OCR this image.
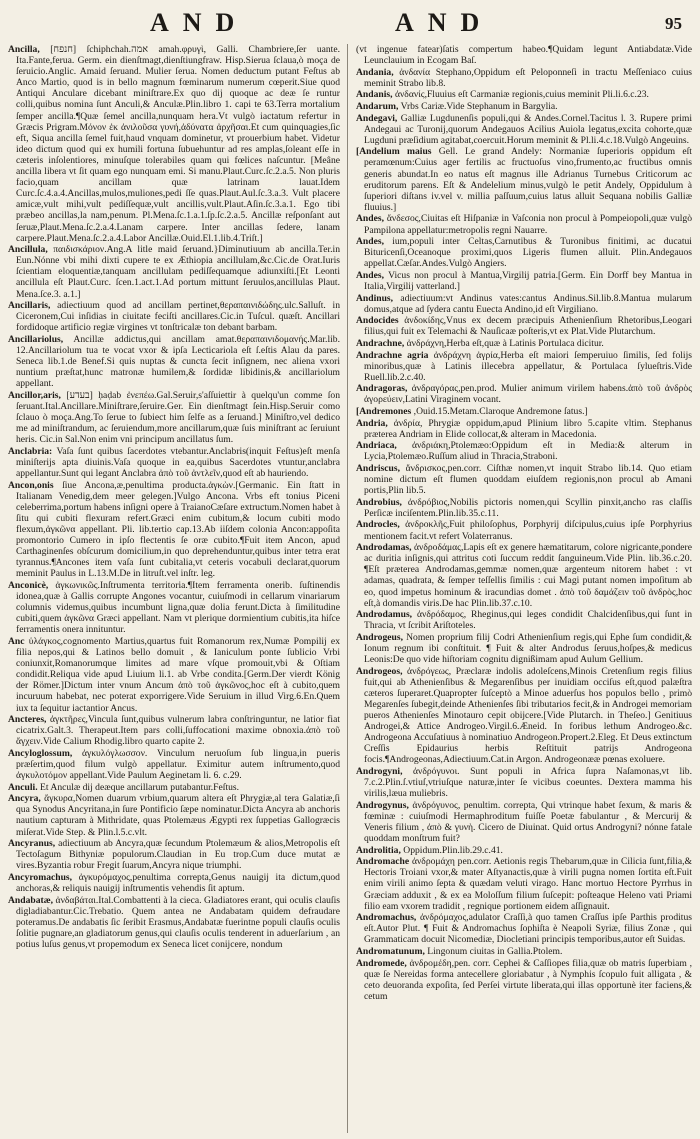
AND	AND	95

Ancilla, [חנפח] ſchiphchah.אמה amah.φρυγὶ, Galli. Chambriere,ſer uante. Ita.Fante,ferua. Germ. ein dienſtmagt,dienſtiungfraw. Hisp.Sierua ſclaua,ò moça de ſeruicio.Anglic. Amaid ſeruand. Mulier ſerua. Nomen deductum putant Feſtus ab Anco Martio, quod is in bello magnum fœminarum numerum cœperit.Siue quod Antiqui Anculare dicebant miniſtrare.Ex quo dij quoque ac deæ ſe runtur colli,quibus nomina ſunt Anculi,& Anculæ.Plin.libro 1. capi te 63.Terra mortalium ſemper ancilla.¶Quæ ſemel ancilla,nunquam hera.Vt vulgò iactatum refertur in Græcis Prigram.Μόνον ἐκ ἀνιλοῦσα γυνή,ἀδύνατα ἀρχῆσαι.Et cum quinquagies,ſic eft, Siqua ancilla ſemel fuit,haud vnquam dominetur, vt prouerbium habet. Videtur ideo dictum quod qui ex humili fortuna ſubuehuntur ad res amplas,ſoleant eſſe in cæteris inſolentiores, minuſque tolerabiles quam qui fœlices naſcuntur. [Meâne ancilla libera vt ſit quam ego nunquam emi. Si manu.Plaut.Curc.ſc.2.a.5. Non pluris facio,quam ancillam quæ latrinam lauat.Idem Curc.ſc.4.a.4.Ancillas,mulos,muliones,pedi ſſe quas.Plaut.Aul.ſc.3.a.3. Vult placere amicæ,vult mihi,vult pediſſequæ,vult ancillis,vult.Plaut.Aſin.ſc.3.a.1. Ego tibi præbeo ancillas,la nam,penum. Pl.Mena.ſc.1.a.1.ſp.ſc.2.a.5. Ancillæ reſponſant aut ſeruæ,Plaut.Mena.ſc.2.a.4.Lanam carpere. Inter ancillas ſedere, lanam carpere.Plaut.Mena.ſc.2.a.4.Labor Ancillæ.Ouid.El.1.lib.4.Triſt.]

Ancillula, παιδισκάριον.Ang.A litle maid ſeruand.}Diminutiuum ab ancilla.Ter.in Eun.Nónne vbi mihi dixti cupere te ex Æthiopia ancillulam,&c.Cic.de Orat.Iuris ſcientiam eloquentiæ,tanquam ancillulam pediſſequamque adiunxiſti.[Et Leonti ancillula eſt Plaut.Curc. ſcen.1.act.1.Ad portum mittunt ſeruulos,ancillulas Plaut. Mena.ſce.3. a.1.]

Ancillaris, adiectiuum quod ad ancillam pertinet,θεραπαινιδώδης.ulc.Salluſt. in Ciceronem,Cui inſidias in ciuitate feciſti ancillares.Cic.in Tuſcul. quæſt. Ancillari fordidoque artificio regiæ virgines vt tonſtricalæ ton debant barbam.

Ancillariolus, Ancillæ addictus,qui ancillam amat.θεραπαινιδομανής.Mar.lib. 12.Ancillariolum tua te vocat vxor & ipſa Lecticariola eſt ſ.eſtis Alau da pares. Seneca lib.1.de Benef.Si quis nuptas & cuncta ſecit inſignem, nec aliena vxori nuntium præſtat,hunc matronæ humilem,& ſordidæ libidinis,& ancillariolum appellant.

Ancillor,aris, [בעדע] ḥaḍab ἐνεπέω.Gal.Seruir,s'aſſuiettir à quelqu'un comme ſon ſeruant.Ital.Ancillare.Miniſtrare,ſeruire.Ger. Ein dienſtmagt ſein.Hisp.Seruir como ſclauo ò moça.Ang.To ſerue to ſubiect him ſelfe as a ſeruand.] Miniſtro,vel dedico me ad miniſtrandum, ac ſeruiendum,more ancillarum,quæ ſuis miniſtrant ac ſeruiunt heris. Cic.in Sal.Non enim vni principum ancillatus ſum.

Anclabria: Vaſa ſunt quibus ſacerdotes vtebantur.Anclabris(inquit Feſtus)eſt menſa miniſterijs apta diuinis.Vaſa quoque in ea,quibus Sacerdotes vtuntur,anclabra appellantur.Sunt qui legant Anclabra ἀπὸ τοῦ ἀντλεῖν,quod eſt ab hauriendo.

Ancon,onis ſiue Ancona,æ,penultima producta.ἀγκὼν.[Germanic. Ein ſtatt in Italianam Venedig,dem meer gelegen.]Vulgo Ancona. Vrbs eft tonius Piceni celeberrima,portum habens inſigni opere à TraianoCæſare extructum.Nomen habet à ſitu qui cubiti flexuram refert.Græci enim cubitum,& locum cubiti modo flexum,ἀγκῶνα appellant. Pli. lib.tertio cap.13.Ab iiſdem colonia Ancon:appoſita promontorio Cumero in ipſo flectentis ſe oræ cubito.¶Fuit item Ancon, apud Carthaginenſes obſcurum domicilium,in quo deprehenduntur,quibus inter tetra erat tyrannus.¶Ancones item vaſa ſunt cubitalia,vt ceteris vocabuli declarat,quorum meminit Paulus in L.13.M.De in litruſt.vel inſtr. leg.

Anconicè, ἀγκωνικῶς.Inſtrumenta territoria.¶Item ferramenta onerib. ſuſtinendis idonea,quæ à Gallis corrupte Angones vocantur, cuiuſmodi in cellarum vinariarum columnis videmus,quibus incumbunt ligna,quæ dolia ferunt.Dicta à ſimilitudine cubiti,quem ἀγκῶνα Græci appellant. Nam vt plerique dormientium cubitis,ita hiſce ferramentis onera innituntur.

Anc ὑλάγκος,cognomento Martius,quartus fuit Romanorum rex,Numæ Pompilij ex filia nepos,qui & Latinos bello domuit , & Ianiculum ponte ſublicio Vrbi coniunxit,Romanorumque limites ad mare vſque promouit,vbi & Oſtiam condidit.Reliqua vide apud Liuium li.1. ab Vrbe condita.[Germ.Der vierdt König der Römer.]Dictum inter vnum Ancum ἀπὸ τοῦ ἀγκῶνος,hoc eſt à cubito,quem incuruum habebat, nec poterat exporrigere.Vide Seruium in illud Virg.6.En.Quem iux ta ſequitur iactantior Ancus.

Ancteres, ἀγκτῆρες,Vincula ſunt,quibus vulnerum labra conſtringuntur, ne latior fiat cicatrix.Galt.3. Therapeut.Item pars colli,ſuffocationi maxime obnoxia.ἀπὸ τοῦ ἄγχειν.Vide Calium Rhodig.libro quarto capite 2.

Ancyloglossum, ἀγκυλόγλωσσον. Vinculum neruoſum ſub lingua,in pueris præſertim,quod filum vulgò appellatur. Eximitur autem inſtrumento,quod ἀγκυλοτόμον appellant.Vide Paulum Aeginetam li. 6. c.29.

Anculi. Et Anculæ dij deæque ancillarum putabantur.Feſtus.

Ancyra, ἄγκυρα,Nomen duarum vrbium,quarum altera eſt Phrygiæ,al tera Galatiæ,ſi qua Synodus Ancyritana,in ſure Pontificio ſæpe nominatur.Dicta Ancyra ab anchoris nautium capturam à Mithridate, quas Ptolemæus Ægypti rex ſuppetias Gallogræcis miſerat.Vide Step. & Plin.l.5.c.vlt.

Ancyranus, adiectiuum ab Ancyra,quæ ſecundum Ptolemæum & alios,Metropolis eſt Tectoſagum Bithyniæ populorum.Claudian in Eu trop.Cum duce mutat æ vires.Byzantia robur Fregit ſuarum,Ancyra nique triumphi.

Ancyromachus, ἀγκυρόμαχος,penultima correpta,Genus nauigij ita dictum,quod anchoras,& reliquis nauigij inſtrumentis vehendis ſit aptum.

Andabatæ, ἀνδαβάται.Ital.Combattenti à la cieca. Gladiatores erant, qui oculis clauſis digladiabantur.Cic.Trebatio. Quem antea ne Andabatam quidem defraudare poteramus.De andabatis ſic ſeribit Erasmus,Andabatæ fuerintne populi clauſis oculis ſolitie pugnare,an gladiatorum genus,qui clauſis oculis tenderent in aduerſarium , an potius luſus genus,vt propemodum ex Seneca licet conijcere, nondum

(vt ingenue fatear)ſatis compertum habeo.¶Quidam legunt Antiabdatæ.Vide Leunclauium in Ecogam Baſ.

Andania, ἀνδανία Stephano,Oppidum eſt Peloponneſi in tractu Meſſeniaco cuius meminit Strabo lib.8.

Andanis, ἀνδανίς,Fluuius eſt Carmaniæ regionis,cuius meminit Pli.li.6.c.23.

Andarum, Vrbs Cariæ.Vide Stephanum in Bargylia.

Andegavi, Galliæ Lugdunenſis populi,qui & Andes.Cornel.Tacitus l. 3. Ruperе primi Andegaui ac Turonij,quorum Andegauos Acilius Auiola legatus,excita cohorte,quæ Lugduni præſidium agitabat,coercuit.Horum meminit & Pl.li.4.c.18.Vulgò Angeuins.

[Andelium maius Gell. Le grand Andely: Normaniæ ſuperioris oppidum eſt peramœnum:Cuius ager fertilis ac fructuoſus vino,frumento,ac fructibus omnis generis abundat.In eo natus eſt magnus ille Adrianus Turnebus Criticorum ac eruditorum parens. Eſt & Andelelium minus,vulgò le petit Andely, Oppidulum à ſuperiori diſtans iv.vel v. millia paſſuum,cuius latus alluit Sequana nobilis Galliæ fluuius.]

Andes, ἄνδεσος,Ciuitas eſt Hiſpaniæ in Vaſconia non procul à Pompeiopoli,quæ vulgò Pampilona appellatur:metropolis regni Nauarre.

Andes, ium,populi inter Celtas,Carnutibus & Turonibus finitimi, ac ducatui Bituricenſi,Oceanoque proximi,quos Ligeris flumen alluit. Plin.Andegauos appellat.Cæſar.Andes.Vulgò Angiers.

Andes, Vicus non procul à Mantua,Virgilij patria.[Germ. Ein Dorff bey Mantua in Italia,Virgilij vatterland.]

Andinus, adiectiuum:vt Andinus vates:cantus Andinus.Sil.lib.8.Mantua mularum domus,atque ad ſydera cantu Euecta Andino,id eſt Virgiliano.

Andocides ἀνδοκίδης,Vnus ex decem præcipuis Athenienſium Rhetoribus,Leogari filius,qui fuit ex Telemachi & Nauſicaæ poſteris,vt ex Plat.Vide Plutarchum.

Andrachne, ἀνδράχνη,Herba eſt,quæ à Latinis Portulaca dicitur.

Andrachne agria ἀνδράχνη ἀγρία,Herba eſt maiori ſemperuiuo ſimilis, ſed folijs minoribus,quæ à Latinis illecebra appellatur, & Portulaca ſylueſtris.Vide Ruell.lib.2.c.40.

Andragoras, ἀνδραγόρας,pen.prod. Mulier animum virilem habens.ἀπὸ τοῦ ἀνδρὸς ἀγορεύειν,Latini Viraginem vocant.

[Andremones ,Ouid.15.Metam.Claroque Andremone ſatus.]

Andria, ἀνδρία, Phrygiæ oppidum,apud Plinium libro 5.capite vltim. Stephanus præterea Andriam in Elide collocat,& alteram in Macedonia.

Andriaca, ἀνδριάκη,Ptolemæo:Oppidum eſt in Media:& alterum in Lycia,Ptolemæo.Ruſſum aliud in Thracia,Straboni.

Andriscus, ἄνδρισκος,pen.corr. Ciſthæ nomen,vt inquit Strabo lib.14. Quo etiam nomine dictum eſt flumen quoddam eiuſdem regionis,non procul ab Amani portis,Plin lib.5.

Androbius, ἀνδρόβιος,Nobilis pictoris nomen,qui Scyllin pinxit,ancho ras claſſis Perſicæ inciſentem.Plin.lib.35.c.11.

Androcles, ἀνδροκλῆς,Fuit philoſophus, Porphyrij diſcipulus,cuius ipſe Porphyrius mentionem facit.vt refert Volaterranus.

Androdamas, ἀνδροδάμας,Lapis eſt ex genere hæmatitarum, colore nigricante,pondere ac duritia inſignis,qui attritus coti ſuccum reddit ſanguineum.Vide Plin. lib.36.c.20. ¶Eſt præterea Androdamas,gemmæ nomen,quæ argenteum nitorem habet : vt adamas, quadrata, & ſemper teſſellis ſimilis : cui Magi putant nomen impoſitum ab eo, quod impetus hominum & iracundias domet . ἀπὸ τοῦ δαμάζειν τοῦ ἀνδρὸς,hoc eſt,à domandis viris.De hac Plin.lib.37.c.10.

Androdamus, ἀνδρόδαμος, Rheginus,qui leges condidit Chalcidenſibus,qui ſunt in Thracia, vt ſcribit Ariſtoteles.

Androgeus, Nomen proprium filij Codri Athenienſium regis,qui Ephe ſum condidit,& Ionum regnum ibi conſtituit. ¶ Fuit & alter Androdus ſeruus,hoſpes,& medicus Leonis:De quo vide hiſtoriam cognitu dignißimam apud Aulum Gellium.

Androgeos, ἀνδρόγεως, Præclaræ indolis adoleſcens,Minois Cretenſium regis filius fuit,qui ab Athenienſibus & Megarenſibus per inuidiam occiſus eſt,quod palæſtra cæteros ſuperaret.Quapropter ſuſceptò a Minoe aduerſus hos populos bello , primò Megarenſes ſubegit,deinde Athenienſes ſibi tributarios fecit,& in Androgei memoriam pueros Athenienſes Minotauro cepit obijcere.[Vide Plutarch. in Theſeo.] Genitiuus Androgei,& Attice Androgeo.Virgil.6.Æneid. In foribus lethum Androgeo.&c. Androgeona Accuſatiuus à nominatiuo Androgeon.Propert.2.Eleg. Et Deus extinctum Creſſis Epidaurius herbis Reſtituit patrijs Androgeona focis.¶Androgeonas,Adiectiuum.Cat.in Argon. Androgeonææ pœnas exoluere.

Androgyni, ἀνδρόγυνοι. Sunt populi in Africa ſupra Naſamonas,vt lib. 7.c.2.Plin.ſ.vtiuſ,vtriuſque naturæ,inter ſe vicibus coeuntes. Dextera mamma his virilis,læua muliebris.

Androgynus, ἀνδρόγυνος, penultim. correpta, Qui vtrinque habet ſexum, & maris & fœminæ : cuiuſmodi Hermaphroditum fuiſſe Poetæ fabulantur , & Mercurij & Veneris filium , ἀπὸ & γυνὴ. Cicero de Diuinat. Quid ortus Androgyni? nónne fatale quoddam monſtrum fuit?

Androlitia, Oppidum.Plin.lib.29.c.41.

Andromache ἀνδρομάχη pen.corr. Aetionis regis Thebarum,quæ in Cilicia ſunt,filia,& Hectoris Troiani vxor,& mater Aſtyanactis,quæ à virili pugna nomen ſortita eſt.Fuit enim virili animo ſepta & quædam veluti virago. Hanc mortuo Hectore Pyrrhus in Græciam adduxit , & ex ea Moloſſum filium ſuſcepit: poſteaque Heleno vati Priami filio eam vxorem tradidit , regnique portionem eidem aſſignauit.

Andromachus, ἀνδρόμαχος,adulator Craſſi,à quo tamen Craſſus ipſe Parthis proditus eſt.Autor Plut. ¶ Fuit & Andromachus ſophiſta è Neapoli Syriæ, filius Zonæ , qui Grammaticam docuit Nicomediæ, Diocletiani principis temporibus,autor eſt Suidas.

Andromatunum, Lingonum ciuitas in Gallia.Ptolem.

Andromede, ἀνδρομέδη,pen. corr. Cephei & Caſſiopes filia,quæ ob matris ſuperbiam , quæ ſe Nereidas forma antecellere gloriabatur , à Nymphis ſcopulo fuit alligata , & ceto deuoranda expoſita, ſed Perſei virtute liberata,qui illas opportunè iter faciens,& cetum
